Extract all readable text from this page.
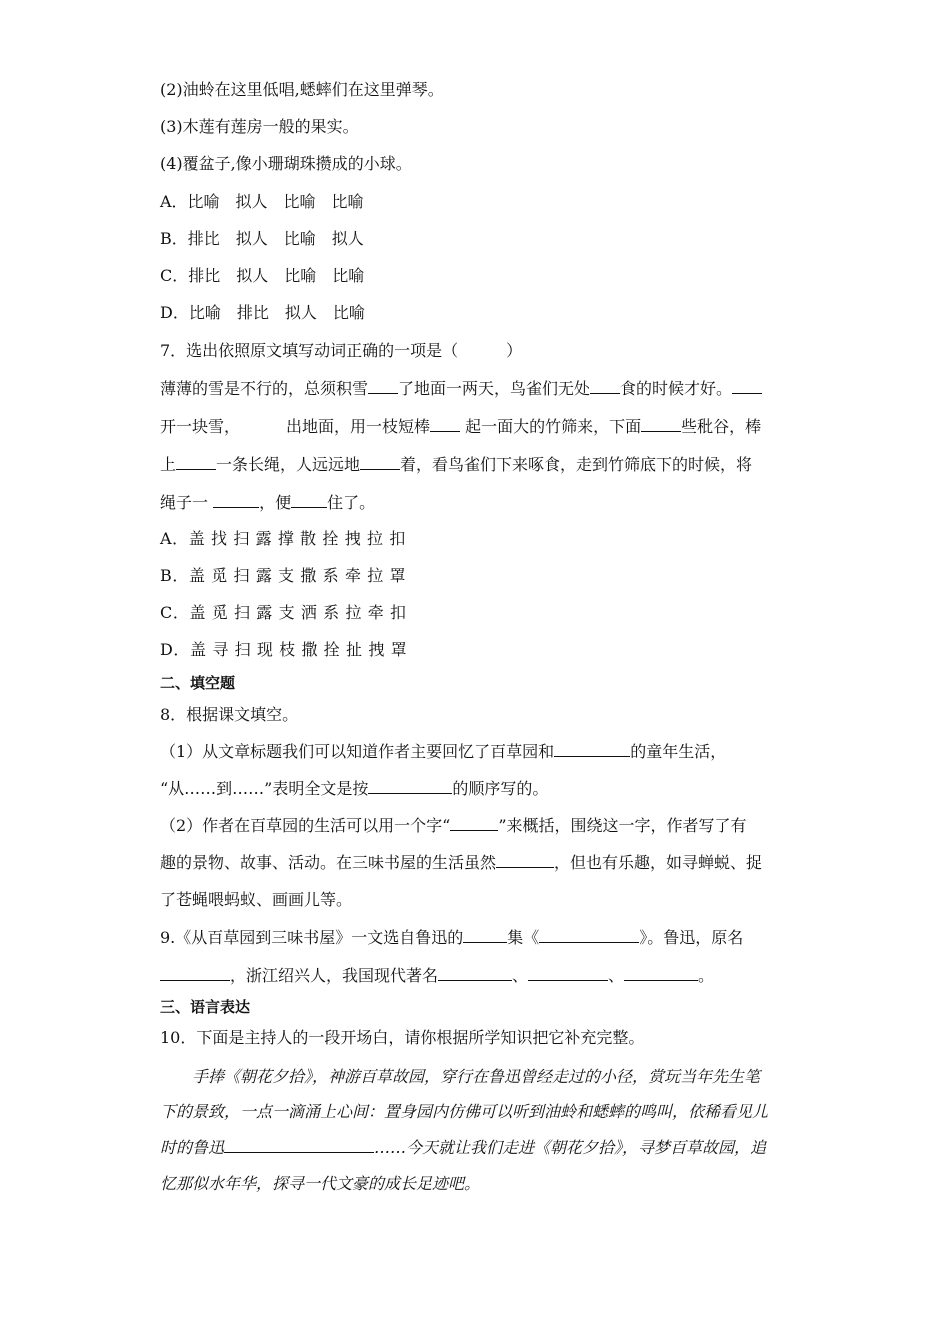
(2)油蛉在这里低唱,蟋蟀们在这里弹琴。
(3)木莲有莲房一般的果实。
(4)覆盆子,像小珊瑚珠攒成的小球。
A．比喻　拟人　比喻　比喻
B．排比　拟人　比喻　拟人
C．排比　拟人　比喻　比喻
D．比喻　排比　拟人　比喻
7．选出依照原文填写动词正确的一项是（　　　）
薄薄的雪是不行的，总须积雪 了地面一两天，鸟雀们无处 食的时候才好。
开一块雪，	出地面，用一枝短棒 起一面大的竹筛来，下面	些秕谷，棒
上	一条长绳，人远远地	着，看鸟雀们下来啄食，走到竹筛底下的时候，将
绳子一	，便 住了。
A．盖 找 扫 露 撑 散 拴 拽 拉 扣
B．盖 觅 扫 露 支 撒 系 牵 拉 罩
C．盖 觅 扫 露 支 洒 系 拉 牵 扣
D．盖 寻 扫 现 枝 撒 拴 扯 拽 罩
二、填空题
8．根据课文填空。
（1）从文章标题我们可以知道作者主要回忆了百草园和	的童年生活，
“从……到……”表明全文是按	的顺序写的。
（2）作者在百草园的生活可以用一个字“	”来概括，围绕这一字，作者写了有
趣的景物、故事、活动。在三味书屋的生活虽然	，但也有乐趣，如寻蝉蜕、捉
了苍蝇喂蚂蚁、画画儿等。
9.《从百草园到三味书屋》一文选自鲁迅的	集《	》。鲁迅，原名
，浙江绍兴人，我国现代著名	、	、	。
三、语言表达
10．下面是主持人的一段开场白，请你根据所学知识把它补充完整。
手捧《朝花夕拾》，神游百草故园，穿行在鲁迅曾经走过的小径，赏玩当年先生笔
下的景致，一点一滴涌上心间：置身园内仿佛可以听到油蛉和蟋蟀的鸣叫，依稀看见儿
时的鲁迅	……今天就让我们走进《朝花夕拾》，寻梦百草故园，追
忆那似水年华，探寻一代文豪的成长足迹吧。
